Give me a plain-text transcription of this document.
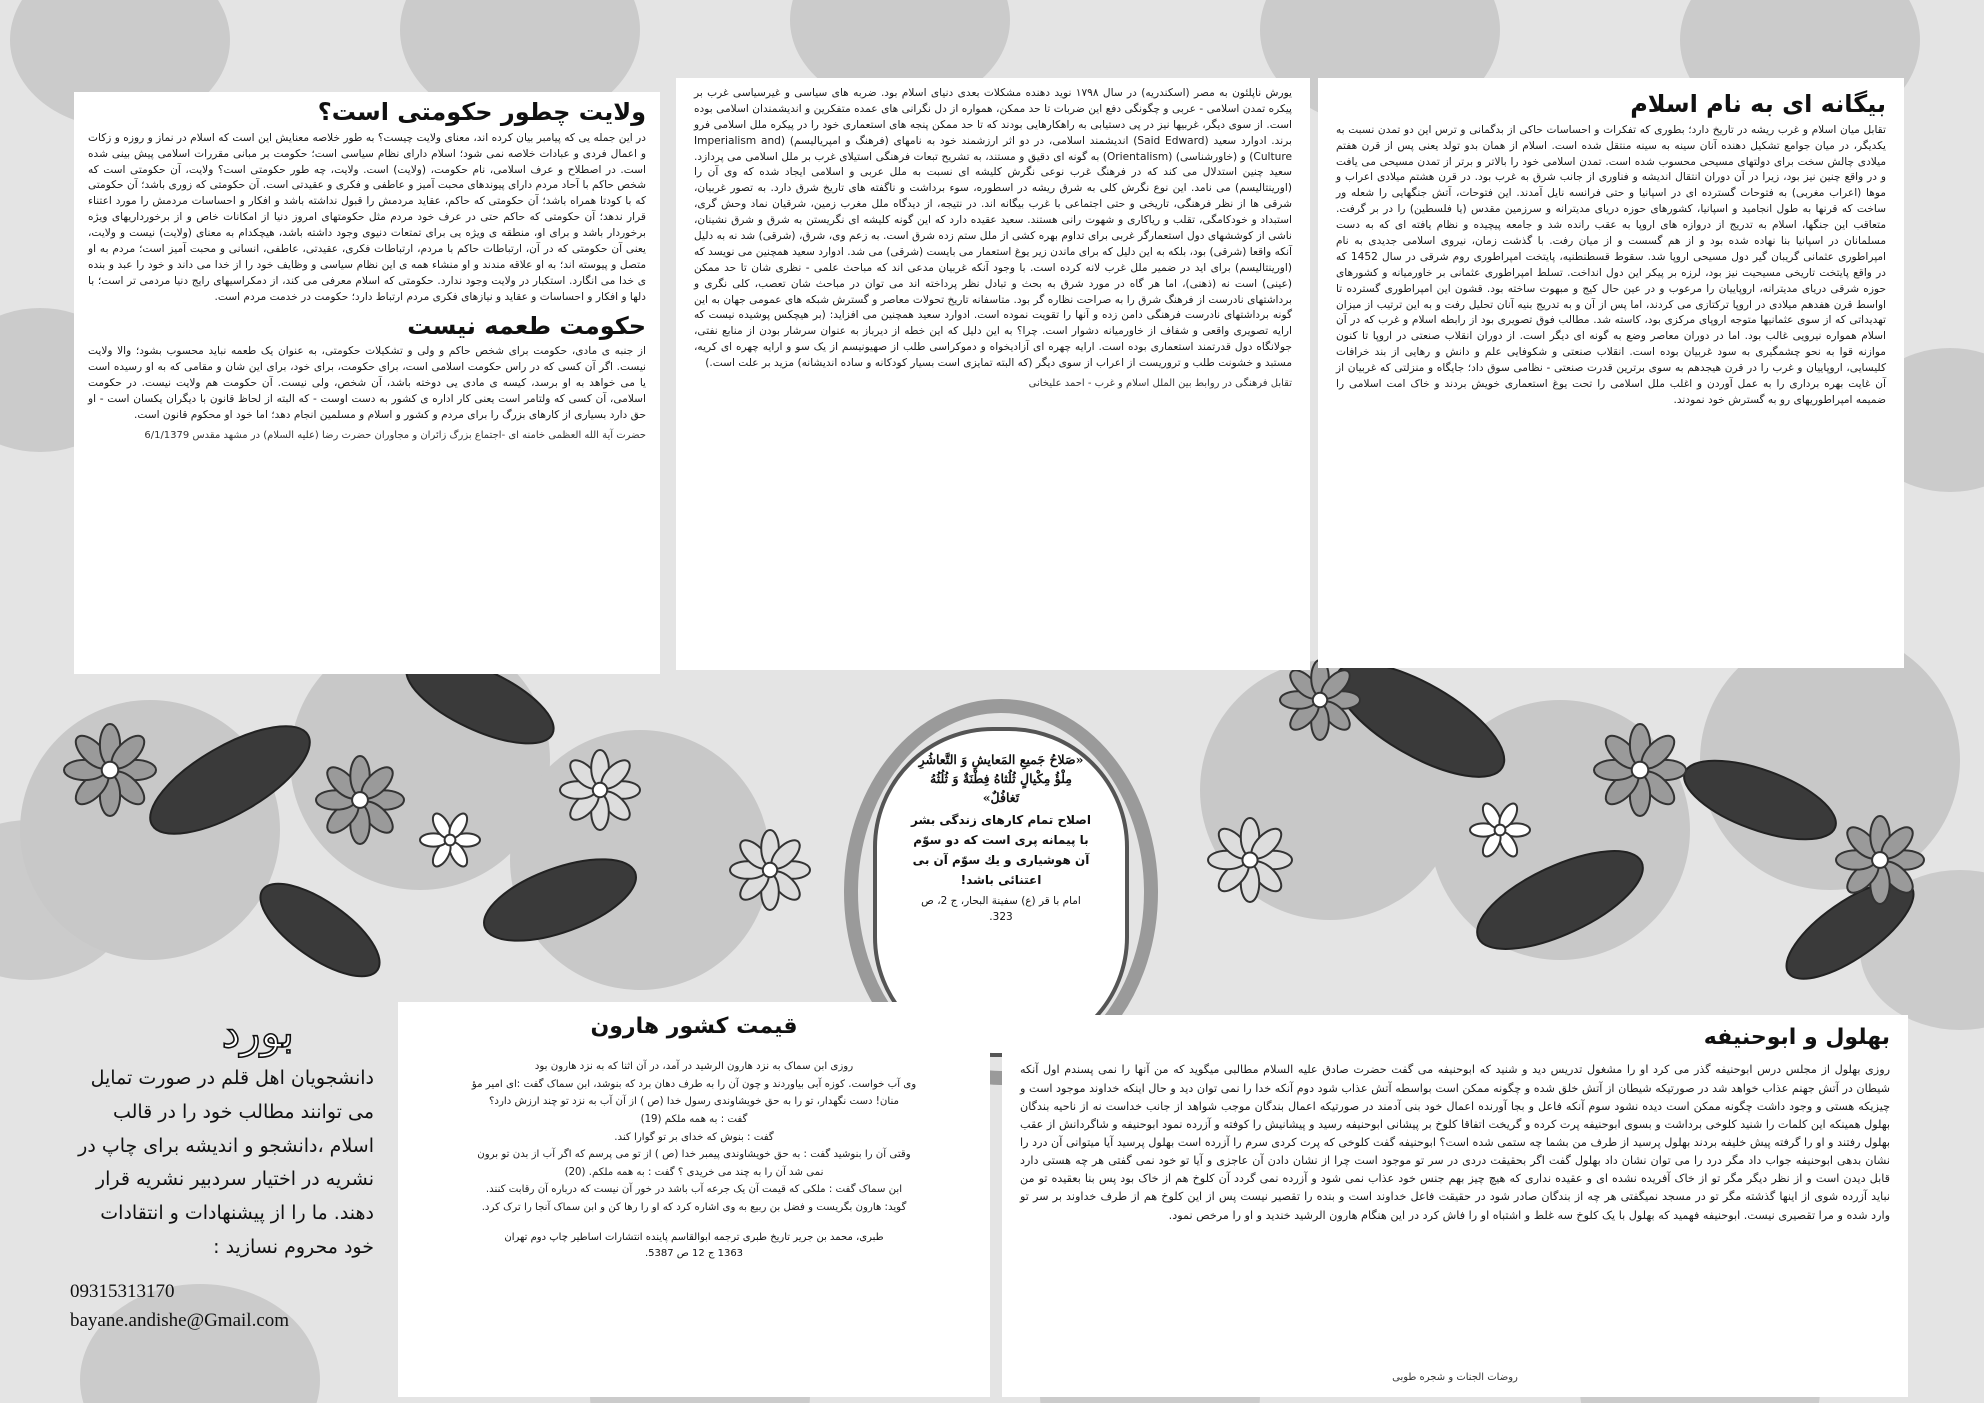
بیگانه ای به نام اسلام
تقابل میان اسلام و غرب ریشه در تاریخ دارد؛ بطوری که تفکرات و احساسات حاکی از بدگمانی و ترس این دو تمدن نسبت به یکدیگر، در میان جوامع تشکیل دهنده آنان سینه به سینه منتقل شده است. اسلام از همان بدو تولد یعنی پس از قرن هفتم میلادی چالش سخت برای دولتهای مسیحی محسوب شده است. تمدن اسلامی خود را بالاتر و برتر از تمدن مسیحی می یافت و در واقع چنین نیز بود، زیرا در آن دوران انتقال اندیشه و فناوری از جانب شرق به غرب بود. در قرن هشتم میلادی اعراب و موها (اعراب مغربی) به فتوحات گسترده ای در اسپانیا و حتی فرانسه نایل آمدند. این فتوحات، آتش جنگهایی را شعله ور ساخت که قرنها به طول انجامید و اسپانیا، کشورهای حوزه دریای مدیترانه و سرزمین مقدس (یا فلسطین) را در بر گرفت. متعاقب این جنگها، اسلام به تدریج از دروازه های اروپا به عقب رانده شد و جامعه پیچیده و نظام یافته ای که به دست مسلمانان در اسپانیا بنا نهاده شده بود و از هم گسست و از میان رفت. با گذشت زمان، نیروی اسلامی جدیدی به نام امپراطوری عثمانی گریبان گیر دول مسیحی اروپا شد. سقوط قسطنطنیه، پایتخت امپراطوری روم شرقی در سال 1452 که در واقع پایتخت تاریخی مسیحیت نیز بود، لرزه بر پیکر این دول انداخت. تسلط امپراطوری عثمانی بر خاورمیانه و کشورهای حوزه شرقی دریای مدیترانه، اروپاییان را مرعوب و در عین حال کیج و مبهوت ساخته بود. قشون این امپراطوری گسترده تا اواسط قرن هفدهم میلادی در اروپا ترکتازی می کردند، اما پس از آن و به تدریج بنیه آنان تحلیل رفت و به این ترتیب از میزان تهدیداتی که از سوی عثمانیها متوجه اروپای مرکزی بود، کاسته شد. مطالب فوق تصویری بود از رابطه اسلام و غرب که در آن اسلام همواره نیرویی غالب بود. اما در دوران معاصر وضع به گونه ای دیگر است. از دوران انقلاب صنعتی در اروپا تا کنون موازنه قوا به نحو چشمگیری به سود غربیان بوده است. انقلاب صنعتی و شکوفایی علم و دانش و رهایی از بند خرافات کلیسایی، اروپاییان و غرب را در قرن هیجدهم به سوی برترین قدرت صنعتی - نظامی سوق داد؛ جایگاه و منزلتی که غربیان از آن غایت بهره برداری را به عمل آوردن و اغلب ملل اسلامی را تحت یوغ استعماری خویش بردند و خاک امت اسلامی را ضمیمه امپراطوریهای رو به گسترش خود نمودند.
یورش ناپلئون به مصر (اسکندریه) در سال ۱۷۹۸ نوید دهنده مشکلات بعدی دنیای اسلام بود. ضربه های سیاسی و غیرسیاسی غرب بر پیکره تمدن اسلامی - عربی و چگونگی دفع این ضربات تا حد ممکن، همواره از دل نگرانی های عمده متفکرین و اندیشمندان اسلامی بوده است. از سوی دیگر، غربیها نیز در پی دستیابی به راهکارهایی بودند که تا حد ممکن پنجه های استعماری خود را در پیکره ملل اسلامی فرو برند. ادوارد سعید (Said Edward) اندیشمند اسلامی، در دو اثر ارزشمند خود به نامهای (فرهنگ و امپریالیسم) (Imperialism and Culture) و (خاورشناسی) (Orientalism) به گونه ای دقیق و مستند، به تشریح تبعات فرهنگی استیلای غرب بر ملل اسلامی می پردازد. سعید چنین استدلال می کند که در فرهنگ غرب نوعی نگرش کلیشه ای نسبت به ملل عربی و اسلامی ایجاد شده که وی آن را (اورینتالیسم) می نامد. این نوع نگرش کلی به شرق ریشه در اسطوره، سوء برداشت و ناگفته های تاریخ شرق دارد. به تصور غربیان، شرقی ها از نظر فرهنگی، تاریخی و حتی اجتماعی با غرب بیگانه اند. در نتیجه، از دیدگاه ملل مغرب زمین، شرقیان نماد وحش گری، استبداد و خودکامگی، تقلب و ریاکاری و شهوت رانی هستند. سعید عقیده دارد که این گونه کلیشه ای نگریستن به شرق و شرق نشینان، ناشی از کوششهای دول استعمارگر غربی برای تداوم بهره کشی از ملل ستم زده شرق است. به زعم وی، شرق، (شرقی) شد نه به دلیل آنکه واقعا (شرقی) بود، بلکه به این دلیل که برای ماندن زیر یوغ استعمار می بایست (شرقی) می شد. ادوارد سعید همچنین می نویسد که (اورینتالیسم) برای اید در ضمیر ملل غرب لانه کرده است. با وجود آنکه غربیان مدعی اند که مباحث علمی - نظری شان تا حد ممکن (عینی) است نه (ذهنی)، اما هر گاه در مورد شرق به بحث و تبادل نظر پرداخته اند می توان در مباحث شان تعصب، کلی نگری و برداشتهای نادرست از فرهنگ شرق را به صراحت نظاره گر بود. متاسفانه تاریخ تحولات معاصر و گسترش شبکه های عمومی جهان به این گونه برداشتهای نادرست فرهنگی دامن زده و آنها را تقویت نموده است. ادوارد سعید همچنین می افزاید: (بر هیچکس پوشیده نیست که ارایه تصویری واقعی و شفاف از خاورمیانه دشوار است. چرا؟ به این دلیل که این خطه از دیرباز به عنوان سرشار بودن از منابع نفتی، جولانگاه دول قدرتمند استعماری بوده است. ارایه چهره ای آزادیخواه و دموکراسی طلب از صهیونیسم از یک سو و ارایه چهره ای کریه، مستبد و خشونت طلب و تروریست از اعراب از سوی دیگر (که البته تمایزی است بسیار کودکانه و ساده اندیشانه) مزید بر علت است.)
تقابل فرهنگی در روابط بین الملل اسلام و غرب - احمد علیخانی
ولایت چطور حکومتی است؟
در این جمله یی که پیامبر بیان کرده اند، معنای ولایت چیست؟ به طور خلاصه معنایش این است که اسلام در نماز و روزه و زکات و اعمال فردی و عبادات خلاصه نمی شود؛ اسلام دارای نظام سیاسی است؛ حکومت بر مبانی مقررات اسلامی پیش بینی شده است. در اصطلاح و عرف اسلامی، نام حکومت، (ولایت) است. ولایت، چه طور حکومتی است؟ ولایت، آن حکومتی است که شخص حاکم با آحاد مردم دارای پیوندهای محبت آمیز و عاطفی و فکری و عقیدتی است. آن حکومتی که زوری باشد؛ آن حکومتی که با کودتا همراه باشد؛ آن حکومتی که حاکم، عقاید مردمش را قبول نداشته باشد و افکار و احساسات مردمش را مورد اعتناء قرار ندهد؛ آن حکومتی که حاکم حتی در عرف خود مردم مثل حکومتهای امروز دنیا از امکانات خاص و از برخورداریهای ویژه برخوردار باشد و برای او، منطقه ی ویژه یی برای تمتعات دنیوی وجود داشته باشد، هیچکدام به معنای (ولایت) نیست و ولایت، یعنی آن حکومتی که در آن، ارتباطات حاکم با مردم، ارتباطات فکری، عقیدتی، عاطفی، انسانی و محبت آمیز است؛ مردم به او متصل و پیوسته اند؛ به او علاقه مندند و او منشاء همه ی این نظام سیاسی و وظایف خود را از خدا می داند و خود را عبد و بنده ی خدا می انگارد. استکبار در ولایت وجود ندارد. حکومتی که اسلام معرفی می کند، از دمکراسیهای رایج دنیا مردمی تر است؛ با دلها و افکار و احساسات و عقاید و نیازهای فکری مردم ارتباط دارد؛ حکومت در خدمت مردم است.
حکومت طعمه نیست
از جنبه ی مادی، حکومت برای شخص حاکم و ولی و تشکیلات حکومتی، به عنوان یک طعمه نباید محسوب بشود؛ والا ولایت نیست. اگر آن کسی که در راس حکومت اسلامی است، برای حکومت، برای خود، برای این شان و مقامی که به او رسیده است یا می خواهد به او برسد، کیسه ی مادی یی دوخته باشد، آن شخص، ولی نیست. آن حکومت هم ولایت نیست. در حکومت اسلامی، آن کسی که ولتامر است یعنی کار اداره ی کشور به دست اوست - که البته از لحاظ قانون با دیگران یکسان است - او حق دارد بسیاری از کارهای بزرگ را برای مردم و کشور و اسلام و مسلمین انجام دهد؛ اما خود او محکوم قانون است.
حضرت آیة الله العظمی خامنه ای -اجتماع بزرگ زائران و مجاوران حضرت رضا (علیه السلام) در مشهد مقدس 6/1/1379
«صَلاحُ جَمیعِ المَعایشِ وَ التَّعاشُرِ مِلْؤُ مِکْیالٍ ثُلُثاهُ فِطْنَةٌ وَ ثُلُثُهُ تَغافُلٌ»
اصلاح تمام کارهای زندگی بشر با پیمانه پری است که دو سوّم آن هوشیاری و یك سوّم آن بی اعتنائی باشد!
امام با قر (ع) سفینة البحار، ج 2، ص 323.
بهلول و ابوحنیفه
روزی بهلول از مجلس درس ابوحنیفه گذر می کرد او را مشغول تدریس دید و شنید که ابوحنیفه می گفت حضرت صادق علیه السلام مطالبی میگوید که من آنها را نمی پسندم اول آنکه شیطان در آتش جهنم عذاب خواهد شد در صورتیکه شیطان از آتش خلق شده و چگونه ممکن است بواسطه آتش عذاب شود دوم آنکه خدا را نمی توان دید و حال اینکه خداوند موجود است و چیزیکه هستی و وجود داشت چگونه ممکن است دیده نشود سوم آنکه فاعل و بجا آورنده اعمال خود بنی آدمند در صورتیکه اعمال بندگان موجب شواهد از جانب خداست نه از ناحیه بندگان بهلول همینکه این کلمات را شنید کلوخی برداشت و بسوی ابوحنیفه پرت کرده و گریخت اتفاقا کلوخ بر پیشانی ابوحنیفه رسید و پیشانیش را کوفته و آزرده نمود ابوحنیفه و شاگردانش از عقب بهلول رفتند و او را گرفته پیش خلیفه بردند بهلول پرسید از طرف من بشما چه ستمی شده است؟ ابوحنیفه گفت کلوخی که پرت کردی سرم را آزرده است بهلول پرسید آیا میتوانی آن درد را نشان بدهی ابوحنیفه جواب داد مگر درد را می توان نشان داد بهلول گفت اگر بحقیقت دردی در سر تو موجود است چرا از نشان دادن آن عاجزی و آیا تو خود نمی گفتی هر چه هستی دارد قابل دیدن است و از نظر دیگر مگر تو از خاک آفریده نشده ای و عقیده نداری که هیچ چیز بهم جنس خود عذاب نمی شود و آزرده نمی گردد آن کلوخ هم از خاک بود پس بنا بعقیده تو من نباید آزرده شوی از اینها گذشته مگر تو در مسجد نمیگفتی هر چه از بندگان صادر شود در حقیقت فاعل خداوند است و بنده را تقصیر نیست پس از این کلوخ هم از طرف خداوند بر سر تو وارد شده و مرا تقصیری نیست. ابوحنیفه فهمید که بهلول با یک کلوخ سه غلط و اشتباه او را فاش کرد در این هنگام هارون الرشید خندید و او را مرخص نمود.
روضات الجنات و شجره طوبی
قیمت کشور هارون
روزی ابن سماک به نزد هارون الرشید در آمد، در آن اثنا که به نزد هارون بود
وی آب خواست. کوزه آبی بیاوردند و چون آن را به طرف دهان برد که بنوشد، ابن سماک گفت :ای امیر مؤ
منان! دست نگهدار، تو را به حق خویشاوندی رسول خدا (ص ) از آن آب به نزد تو چند ارزش دارد؟
گفت : به همه ملکم (19)
گفت : بنوش که خدای بر تو گوارا کند.
وقتی آن را بنوشید گفت : به حق خویشاوندی پیمبر خدا (ص ) از تو می پرسم که اگر آب از بدن تو برون
نمی شد آن را به چند می خریدی ؟ گفت : به همه ملکم. (20)
ابن سماک گفت : ملکی که قیمت آن یک جرعه آب باشد در خور آن نیست که درباره آن رقابت کنند.
گوید: هارون بگریست و فضل بن ربیع به وی اشاره کرد که او را رها کن و ابن سماک آنجا را ترک کرد.
طبری، محمد بن جریر تاریخ طبری ترجمه ابوالقاسم پاینده انتشارات اساطیر چاپ دوم تهران
1363 ج 12 ص 5387.
بورد
دانشجویان اهل قلم در صورت تمایل می توانند مطالب خود را در قالب اسلام ،دانشجو و اندیشه برای چاپ در نشریه در اختیار سردبیر نشریه قرار دهند. ما را از پیشنهادات و انتقادات خود محروم نسازید :
09315313170
bayane.andishe@Gmail.com
